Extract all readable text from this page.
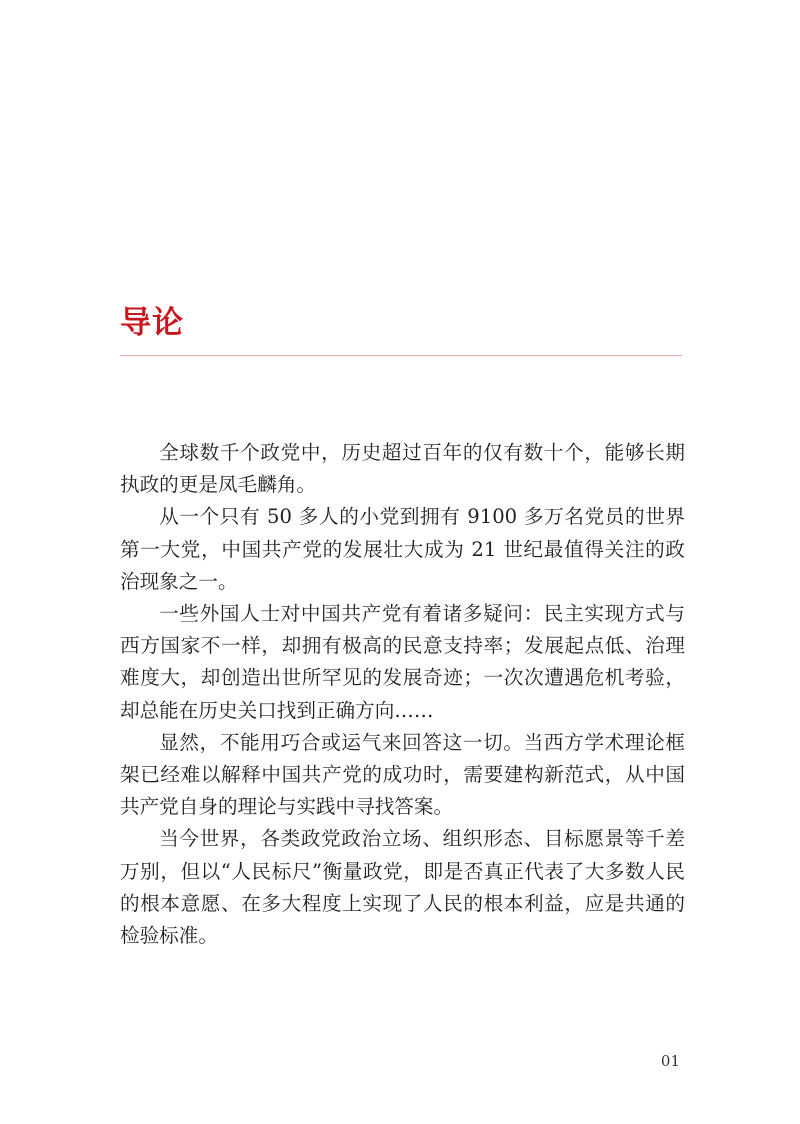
导论

全球数千个政党中，历史超过百年的仅有数十个，能够长期执政的更是凤毛麟角。

从一个只有 50 多人的小党到拥有 9100 多万名党员的世界第一大党，中国共产党的发展壮大成为 21 世纪最值得关注的政治现象之一。

一些外国人士对中国共产党有着诸多疑问：民主实现方式与西方国家不一样，却拥有极高的民意支持率；发展起点低、治理难度大，却创造出世所罕见的发展奇迹；一次次遭遇危机考验，却总能在历史关口找到正确方向……

显然，不能用巧合或运气来回答这一切。当西方学术理论框架已经难以解释中国共产党的成功时，需要建构新范式，从中国共产党自身的理论与实践中寻找答案。

当今世界，各类政党政治立场、组织形态、目标愿景等千差万别，但以“人民标尺”衡量政党，即是否真正代表了大多数人民的根本意愿、在多大程度上实现了人民的根本利益，应是共通的检验标准。

01
